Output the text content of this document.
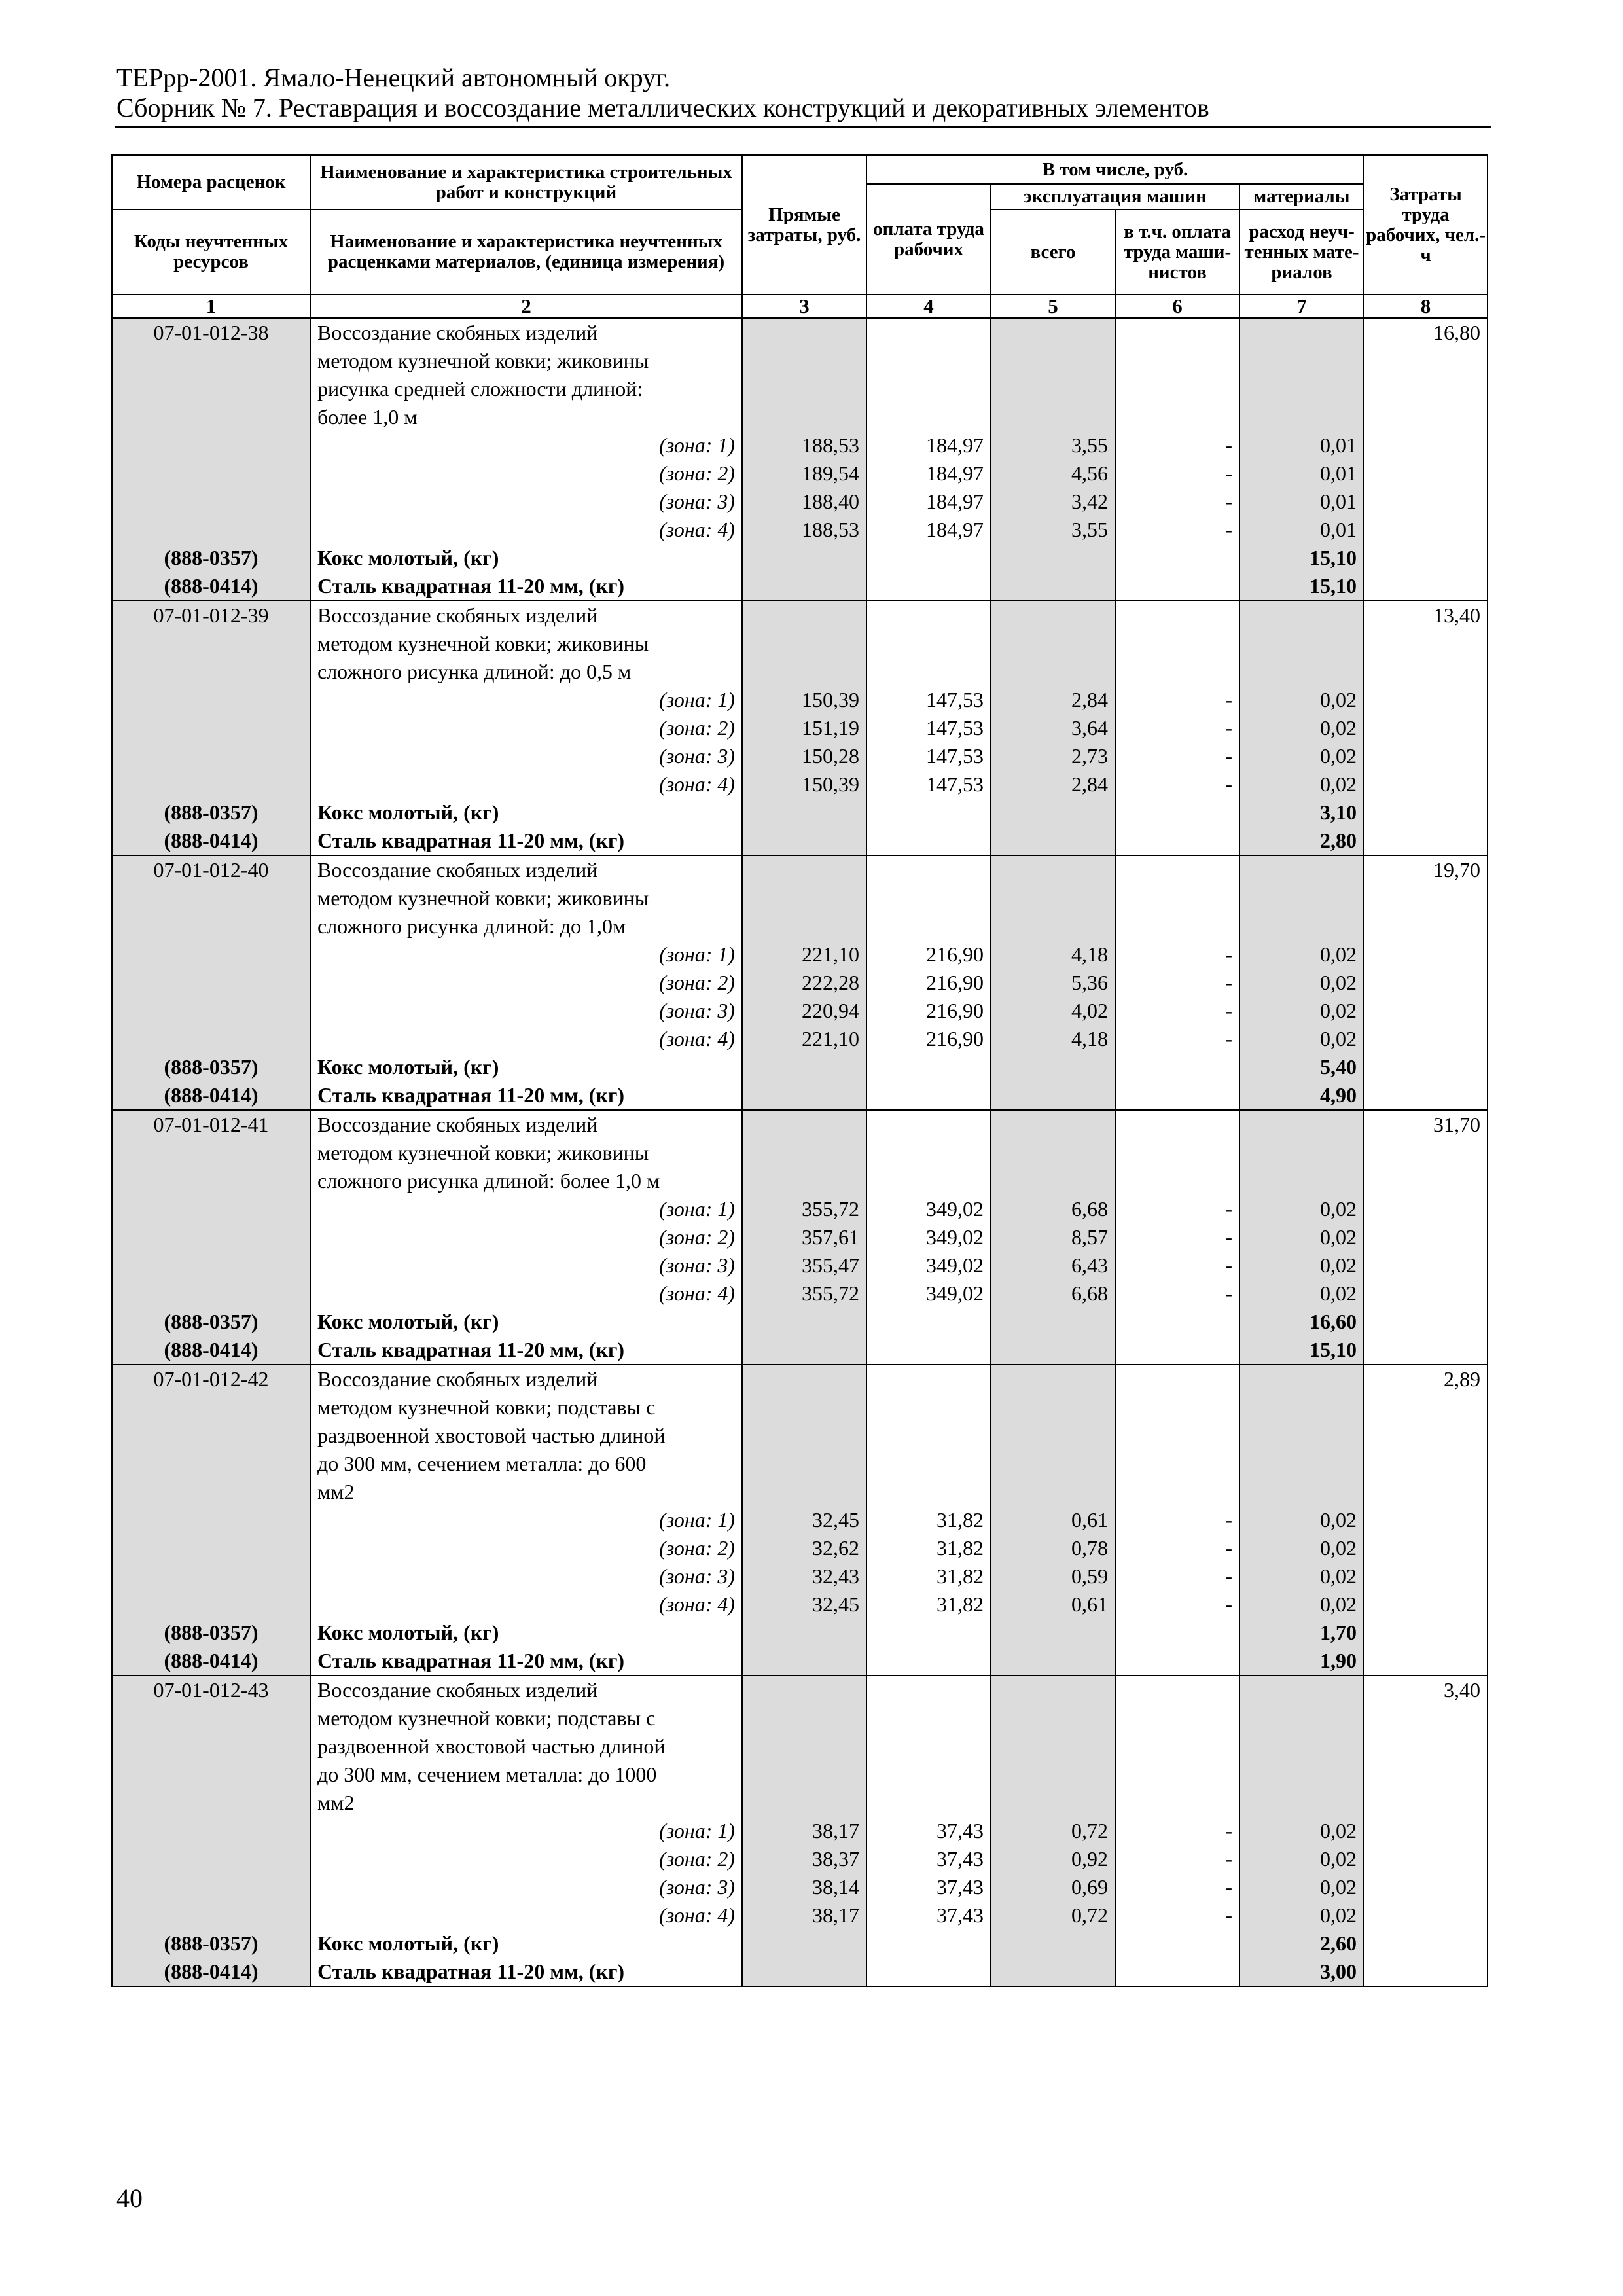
ТЕРрр-2001. Ямало-Ненецкий автономный округ.
Сборник № 7. Реставрация и воссоздание металлических конструкций и декоративных элементов
Номера расценок	Наименование и характеристика строительных работ и конструкций	Прямые затраты, руб.	В том числе, руб.				Затраты труда рабочих, чел.-ч
			оплата труда рабочих	эксплуатация машин		материалы	
Коды неучтенных ресурсов	Наименование и характеристика неучтенных расценками материалов, (единица измерения)			всего	в т.ч. оплата труда маши-нистов	расход неуч-тенных мате-риалов	

1	2	3	4	5	6	7	8
07-01-012-38	Воссоздание скобяных изделий						16,80
	методом кузнечной ковки; жиковины						
	рисунка средней сложности длиной:						
	более 1,0 м						
	(зона: 1)	188,53	184,97	3,55	-	0,01	
	(зона: 2)	189,54	184,97	4,56	-	0,01	
	(зона: 3)	188,40	184,97	3,42	-	0,01	
	(зона: 4)	188,53	184,97	3,55	-	0,01	
(888-0357)	Кокс молотый, (кг)					15,10	
(888-0414)	Сталь квадратная 11-20 мм, (кг)					15,10	
07-01-012-39	Воссоздание скобяных изделий						13,40
	методом кузнечной ковки; жиковины						
	сложного рисунка длиной: до 0,5 м						
	(зона: 1)	150,39	147,53	2,84	-	0,02	
	(зона: 2)	151,19	147,53	3,64	-	0,02	
	(зона: 3)	150,28	147,53	2,73	-	0,02	
	(зона: 4)	150,39	147,53	2,84	-	0,02	
(888-0357)	Кокс молотый, (кг)					3,10	
(888-0414)	Сталь квадратная 11-20 мм, (кг)					2,80	
07-01-012-40	Воссоздание скобяных изделий						19,70
	методом кузнечной ковки; жиковины						
	сложного рисунка длиной: до 1,0м						
	(зона: 1)	221,10	216,90	4,18	-	0,02	
	(зона: 2)	222,28	216,90	5,36	-	0,02	
	(зона: 3)	220,94	216,90	4,02	-	0,02	
	(зона: 4)	221,10	216,90	4,18	-	0,02	
(888-0357)	Кокс молотый, (кг)					5,40	
(888-0414)	Сталь квадратная 11-20 мм, (кг)					4,90	
07-01-012-41	Воссоздание скобяных изделий						31,70
	методом кузнечной ковки; жиковины						
	сложного рисунка длиной: более 1,0 м						
	(зона: 1)	355,72	349,02	6,68	-	0,02	
	(зона: 2)	357,61	349,02	8,57	-	0,02	
	(зона: 3)	355,47	349,02	6,43	-	0,02	
	(зона: 4)	355,72	349,02	6,68	-	0,02	
(888-0357)	Кокс молотый, (кг)					16,60	
(888-0414)	Сталь квадратная 11-20 мм, (кг)					15,10	
07-01-012-42	Воссоздание скобяных изделий						2,89
	методом кузнечной ковки; подставы с						
	раздвоенной хвостовой частью длиной						
	до 300 мм, сечением металла: до 600						
	мм2						
	(зона: 1)	32,45	31,82	0,61	-	0,02	
	(зона: 2)	32,62	31,82	0,78	-	0,02	
	(зона: 3)	32,43	31,82	0,59	-	0,02	
	(зона: 4)	32,45	31,82	0,61	-	0,02	
(888-0357)	Кокс молотый, (кг)					1,70	
(888-0414)	Сталь квадратная 11-20 мм, (кг)					1,90	
07-01-012-43	Воссоздание скобяных изделий						3,40
	методом кузнечной ковки; подставы с						
	раздвоенной хвостовой частью длиной						
	до 300 мм, сечением металла: до 1000						
	мм2						
	(зона: 1)	38,17	37,43	0,72	-	0,02	
	(зона: 2)	38,37	37,43	0,92	-	0,02	
	(зона: 3)	38,14	37,43	0,69	-	0,02	
	(зона: 4)	38,17	37,43	0,72	-	0,02	
(888-0357)	Кокс молотый, (кг)					2,60	
(888-0414)	Сталь квадратная 11-20 мм, (кг)					3,00	
40
